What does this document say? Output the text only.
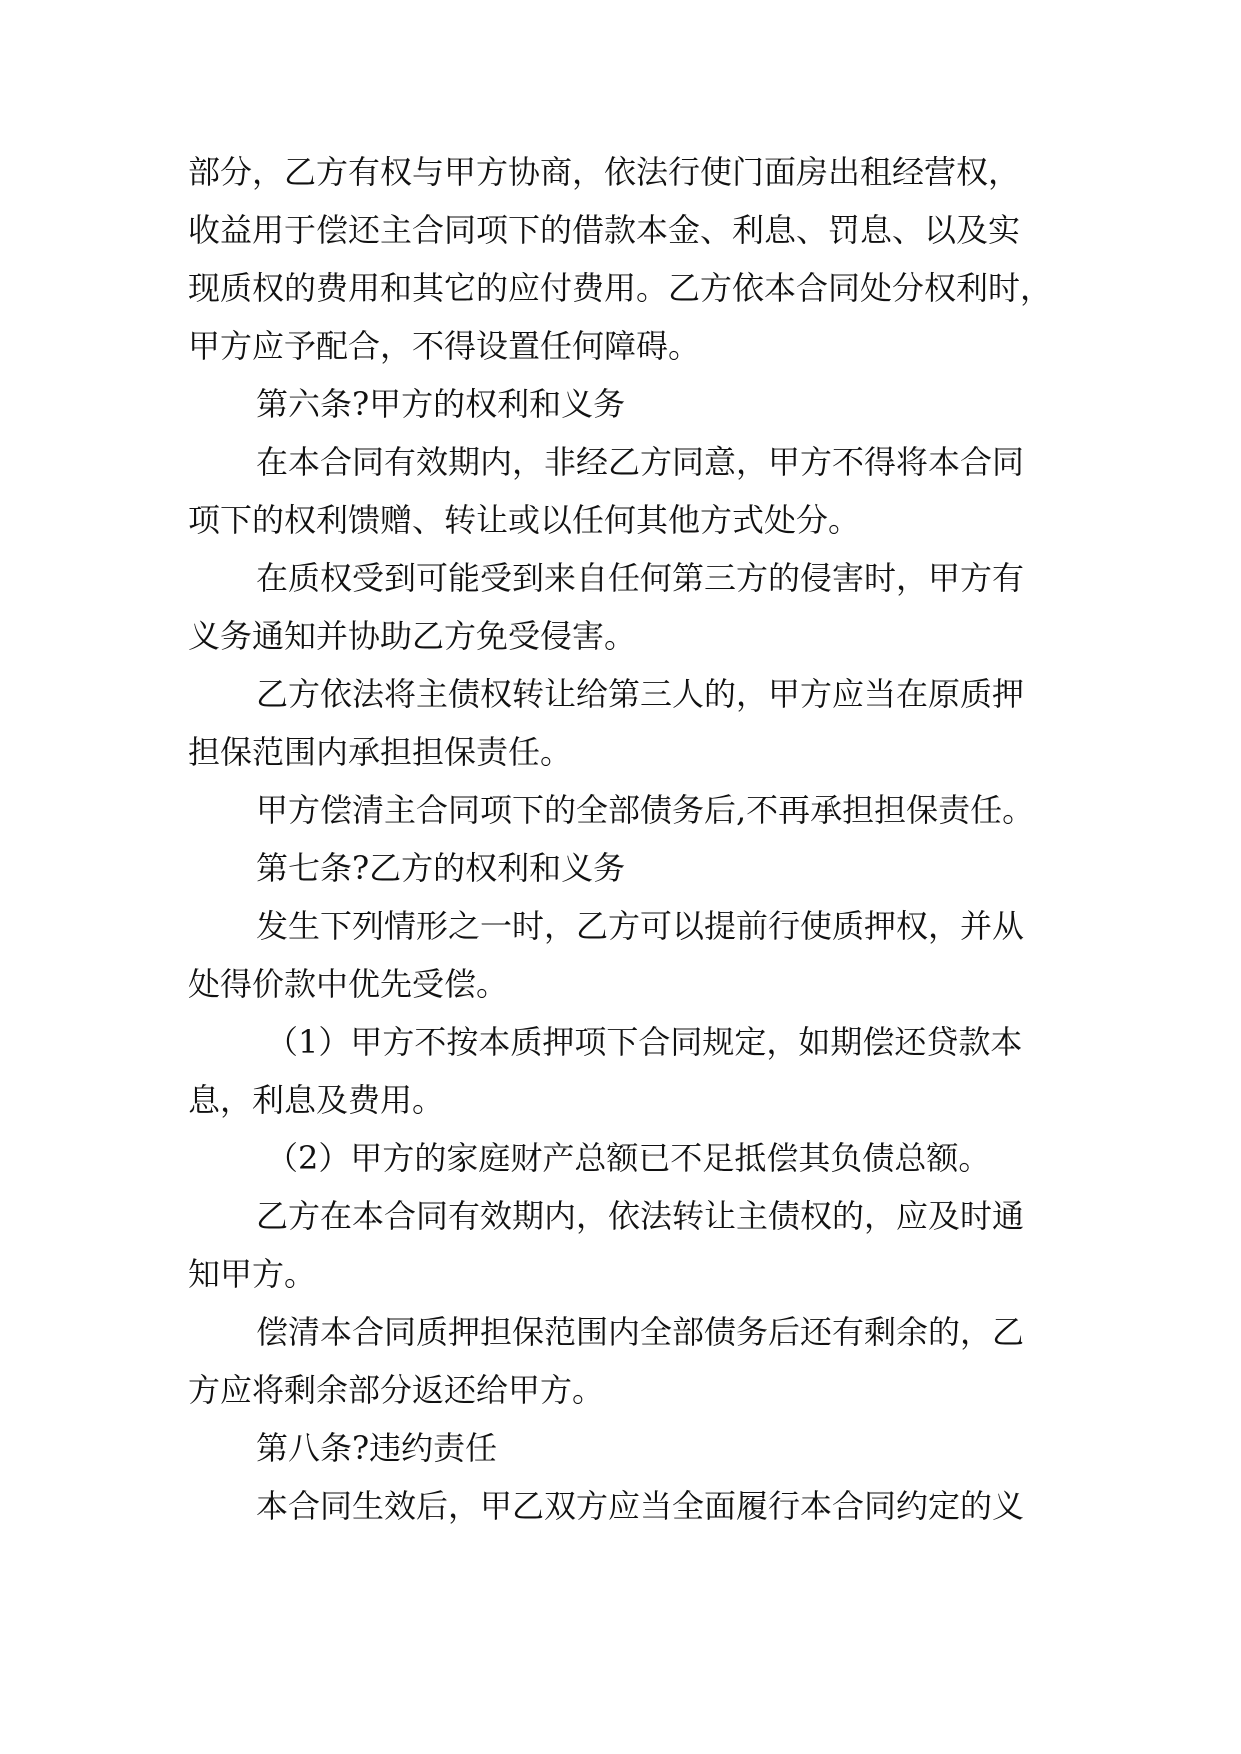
部分，乙方有权与甲方协商，依法行使门面房出租经营权，

收益用于偿还主合同项下的借款本金、利息、罚息、以及实

现质权的费用和其它的应付费用。乙方依本合同处分权利时，

甲方应予配合，不得设置任何障碍。

第六条?甲方的权利和义务

在本合同有效期内，非经乙方同意，甲方不得将本合同

项下的权利馈赠、转让或以任何其他方式处分。

在质权受到可能受到来自任何第三方的侵害时，甲方有

义务通知并协助乙方免受侵害。

乙方依法将主债权转让给第三人的，甲方应当在原质押

担保范围内承担担保责任。

甲方偿清主合同项下的全部债务后,不再承担担保责任。

第七条?乙方的权利和义务

发生下列情形之一时，乙方可以提前行使质押权，并从

处得价款中优先受偿。

（1）甲方不按本质押项下合同规定，如期偿还贷款本

息，利息及费用。

（2）甲方的家庭财产总额已不足抵偿其负债总额。

乙方在本合同有效期内，依法转让主债权的，应及时通

知甲方。

偿清本合同质押担保范围内全部债务后还有剩余的，乙

方应将剩余部分返还给甲方。

第八条?违约责任

本合同生效后，甲乙双方应当全面履行本合同约定的义
